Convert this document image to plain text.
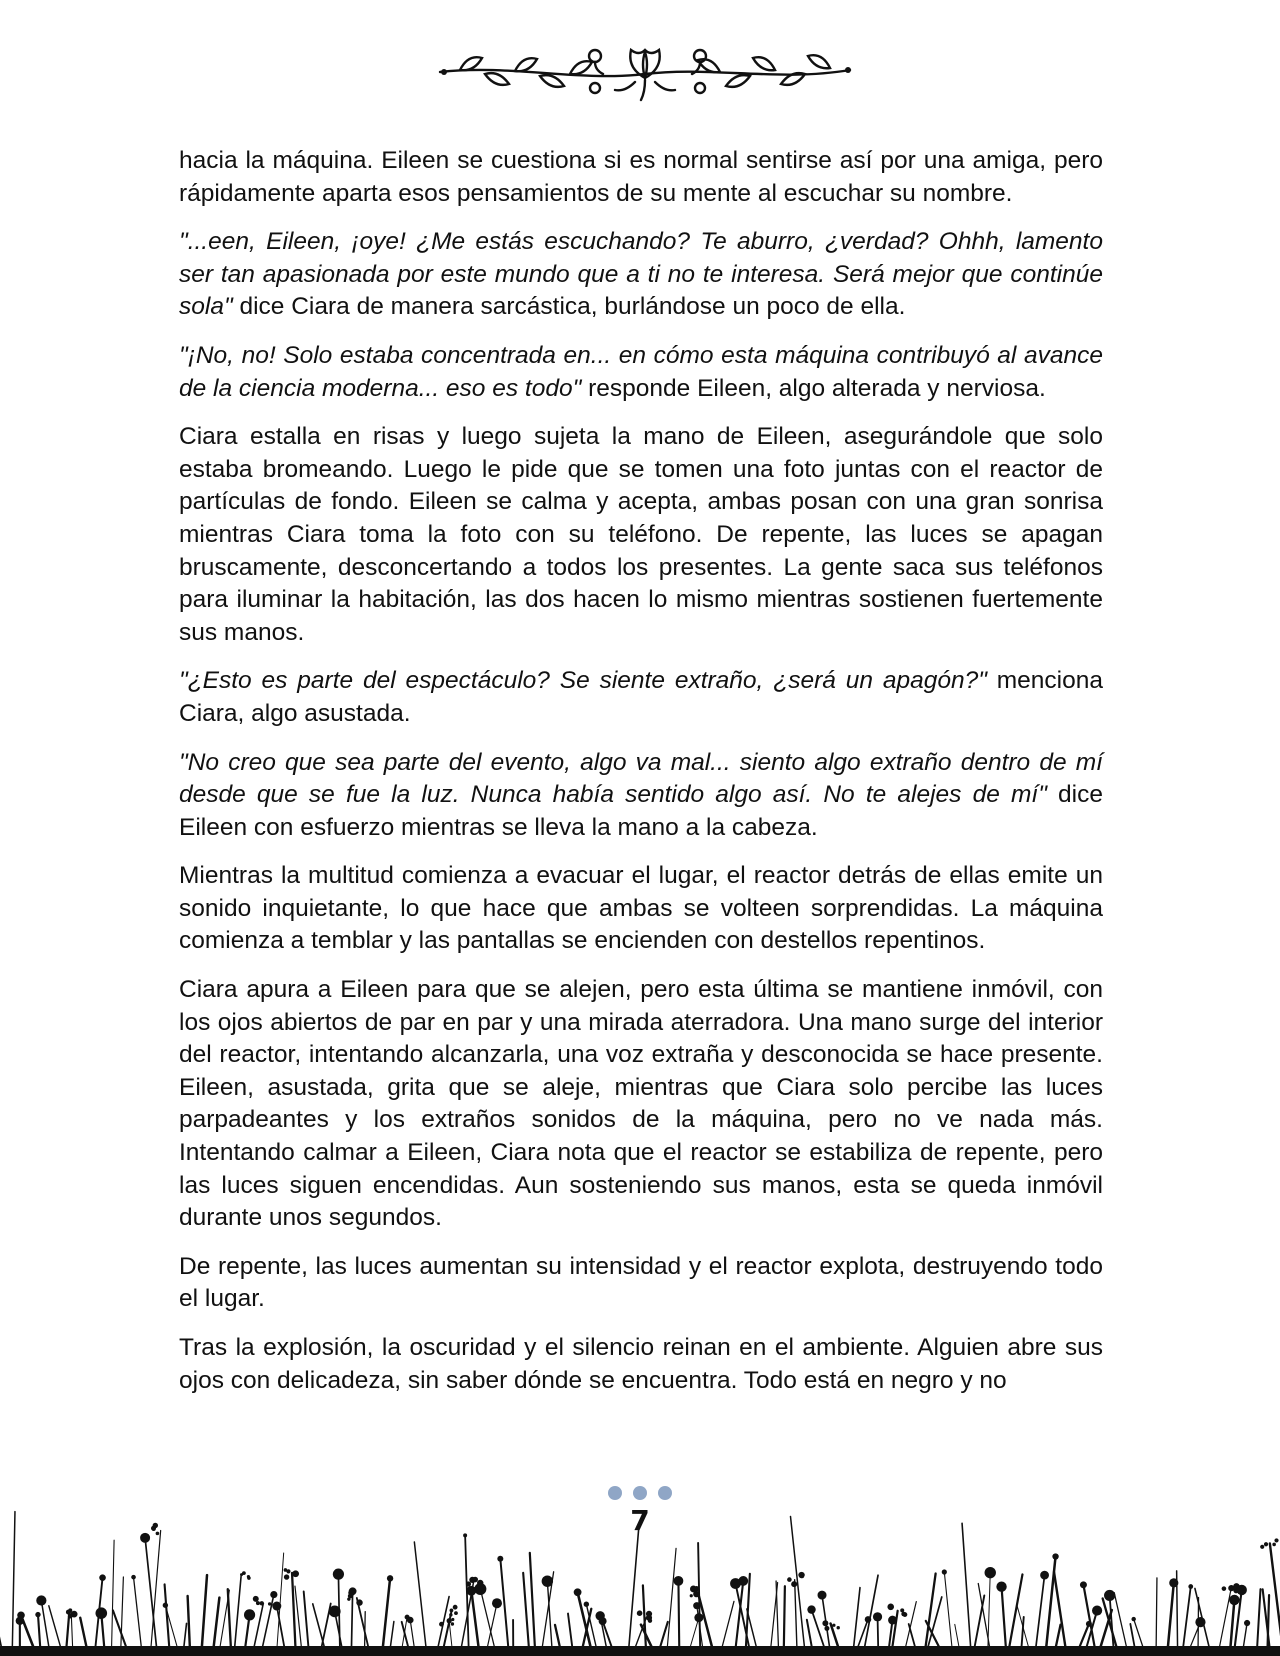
hacia la máquina. Eileen se cuestiona si es normal sentirse así por una amiga, pero rápidamente aparta esos pensamientos de su mente al escuchar su nombre.

"...een, Eileen, ¡oye! ¿Me estás escuchando? Te aburro, ¿verdad? Ohhh, lamento ser tan apasionada por este mundo que a ti no te interesa. Será mejor que continúe sola" dice Ciara de manera sarcástica, burlándose un poco de ella.

"¡No, no! Solo estaba concentrada en... en cómo esta máquina contribuyó al avance de la ciencia moderna... eso es todo" responde Eileen, algo alterada y nerviosa.

Ciara estalla en risas y luego sujeta la mano de Eileen, asegurándole que solo estaba bromeando. Luego le pide que se tomen una foto juntas con el reactor de partículas de fondo. Eileen se calma y acepta, ambas posan con una gran sonrisa mientras Ciara toma la foto con su teléfono. De repente, las luces se apagan bruscamente, desconcertando a todos los presentes. La gente saca sus teléfonos para iluminar la habitación, las dos hacen lo mismo mientras sostienen fuertemente sus manos.

"¿Esto es parte del espectáculo? Se siente extraño, ¿será un apagón?" menciona Ciara, algo asustada.

"No creo que sea parte del evento, algo va mal... siento algo extraño dentro de mí desde que se fue la luz. Nunca había sentido algo así. No te alejes de mí" dice Eileen con esfuerzo mientras se lleva la mano a la cabeza.

Mientras la multitud comienza a evacuar el lugar, el reactor detrás de ellas emite un sonido inquietante, lo que hace que ambas se volteen sorprendidas. La máquina comienza a temblar y las pantallas se encienden con destellos repentinos.

Ciara apura a Eileen para que se alejen, pero esta última se mantiene inmóvil, con los ojos abiertos de par en par y una mirada aterradora. Una mano surge del interior del reactor, intentando alcanzarla, una voz extraña y desconocida se hace presente. Eileen, asustada, grita que se aleje, mientras que Ciara solo percibe las luces parpadeantes y los extraños sonidos de la máquina, pero no ve nada más. Intentando calmar a Eileen, Ciara nota que el reactor se estabiliza de repente, pero las luces siguen encendidas. Aun sosteniendo sus manos, esta se queda inmóvil durante unos segundos.

De repente, las luces aumentan su intensidad y el reactor explota, destruyendo todo el lugar.

Tras la explosión, la oscuridad y el silencio reinan en el ambiente. Alguien abre sus ojos con delicadeza, sin saber dónde se encuentra. Todo está en negro y no

7
